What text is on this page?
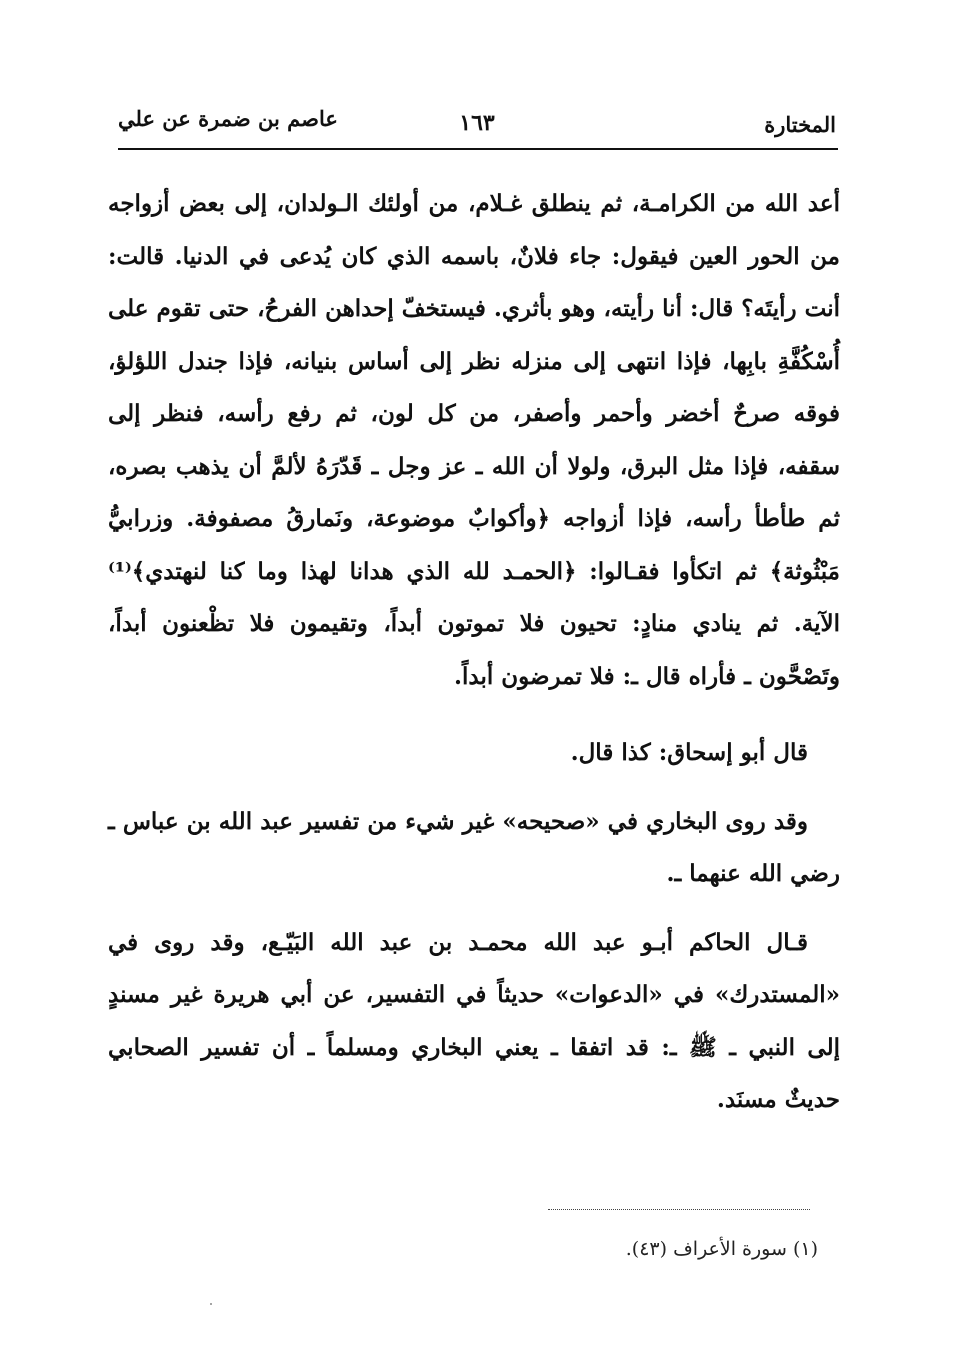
المختارة
١٦٣
عاصم بن ضمرة عن علي

أعد الله من الكرامـة، ثم ينطلق غـلام، من أولئك الـولدان، إلى بعض أزواجه من الحور العين فيقول: جاء فلانٌ، باسمه الذي كان يُدعى في الدنيا. قالت: أنت رأيتَه؟ قال: أنا رأيته، وهو بأثري. فيستخفّ إحداهن الفرحُ، حتى تقوم على أُسْكُفَّةِ بابِها، فإذا انتهى إلى منزله نظر إلى أساس بنيانه، فإذا جندل اللؤلؤ، فوقه صرحٌ أخضر وأحمر وأصفر، من كل لون، ثم رفع رأسه، فنظر إلى سقفه، فإذا مثل البرق، ولولا أن الله ـ عز وجل ـ قَدّرَهُ لألمَّ أن يذهب بصره، ثم طأطأ رأسه، فإذا أزواجه ﴿وأكوابٌ موضوعة، ونَمارقُ مصفوفة. وزرابيُّ مَبْثُوثة﴾ ثم اتكأوا فقـالوا: ﴿الحمـد لله الذي هدانا لهذا وما كنا لنهتدي﴾⁽¹⁾ الآية. ثم ينادي منادٍ: تحيون فلا تموتون أبداً، وتقيمون فلا تظْعنون أبداً، وتَصْحَّون ـ فأراه قال ـ: فلا تمرضون أبداً.

قال أبو إسحاق: كذا قال.

وقد روى البخاري في «صحيحه» غير شيء من تفسير عبد الله بن عباس ـ رضي الله عنهما ـ.

قـال الحاكم أبـو عبد الله محمـد بن عبد الله البَيّـع، وقد روى في «المستدرك» في «الدعوات» حديثاً في التفسير، عن أبي هريرة غير مسندٍ إلى النبي ـ ﷺ ـ: قد اتفقا ـ يعني البخاري ومسلماً ـ أن تفسير الصحابي حديثٌ مسنَد.

(١) سورة الأعراف (٤٣).
